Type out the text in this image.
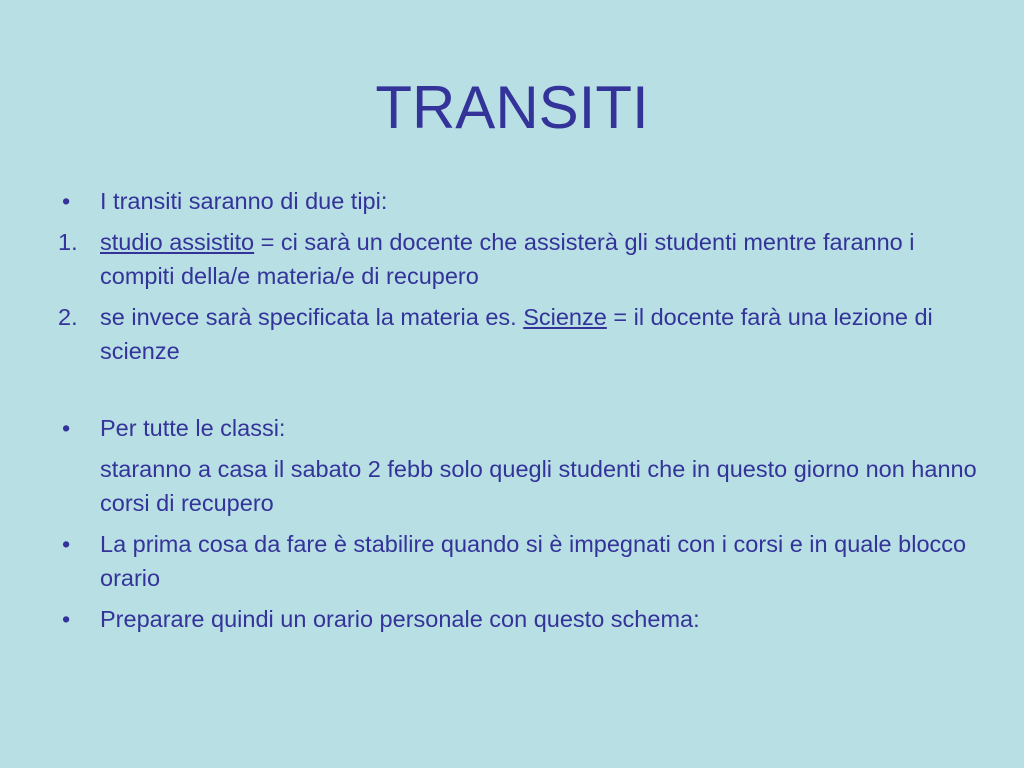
TRANSITI
•	I transiti saranno di due tipi:
1. studio assistito = ci sarà un docente che assisterà gli studenti mentre faranno i compiti della/e materia/e di recupero
2. se invece sarà specificata la materia es. Scienze = il docente farà una lezione di scienze
•	Per tutte le classi:
staranno a casa il sabato 2 febb solo quegli studenti che in questo giorno non hanno corsi di recupero
•	La prima cosa da fare è stabilire quando si è impegnati con i corsi e in quale blocco orario
•	Preparare quindi un orario personale con questo schema:
